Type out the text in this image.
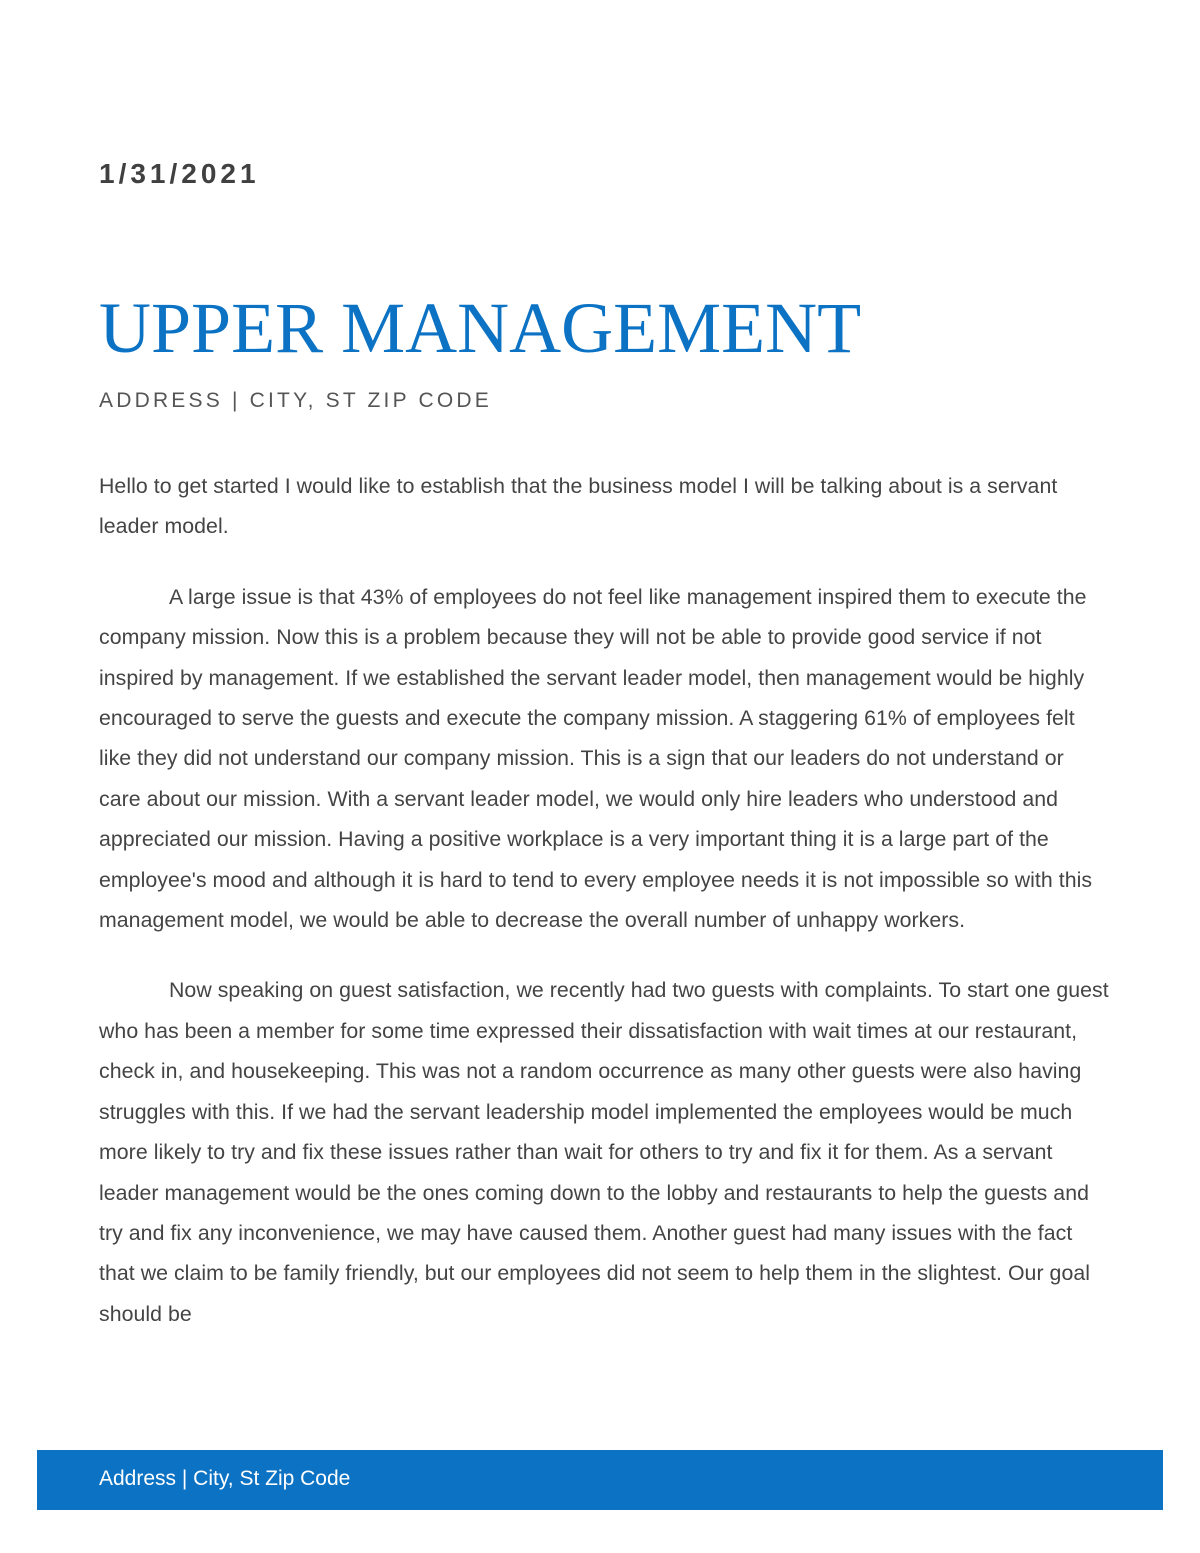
1/31/2021

UPPER MANAGEMENT

ADDRESS | CITY, ST ZIP CODE

Hello to get started I would like to establish that the business model I will be talking about is a servant leader model.

A large issue is that 43% of employees do not feel like management inspired them to execute the company mission. Now this is a problem because they will not be able to provide good service if not inspired by management. If we established the servant leader model, then management would be highly encouraged to serve the guests and execute the company mission. A staggering 61% of employees felt like they did not understand our company mission. This is a sign that our leaders do not understand or care about our mission. With a servant leader model, we would only hire leaders who understood and appreciated our mission. Having a positive workplace is a very important thing it is a large part of the employee's mood and although it is hard to tend to every employee needs it is not impossible so with this management model, we would be able to decrease the overall number of unhappy workers.

Now speaking on guest satisfaction, we recently had two guests with complaints. To start one guest who has been a member for some time expressed their dissatisfaction with wait times at our restaurant, check in, and housekeeping. This was not a random occurrence as many other guests were also having struggles with this. If we had the servant leadership model implemented the employees would be much more likely to try and fix these issues rather than wait for others to try and fix it for them. As a servant leader management would be the ones coming down to the lobby and restaurants to help the guests and try and fix any inconvenience, we may have caused them. Another guest had many issues with the fact that we claim to be family friendly, but our employees did not seem to help them in the slightest. Our goal should be

Address | City, St Zip Code
